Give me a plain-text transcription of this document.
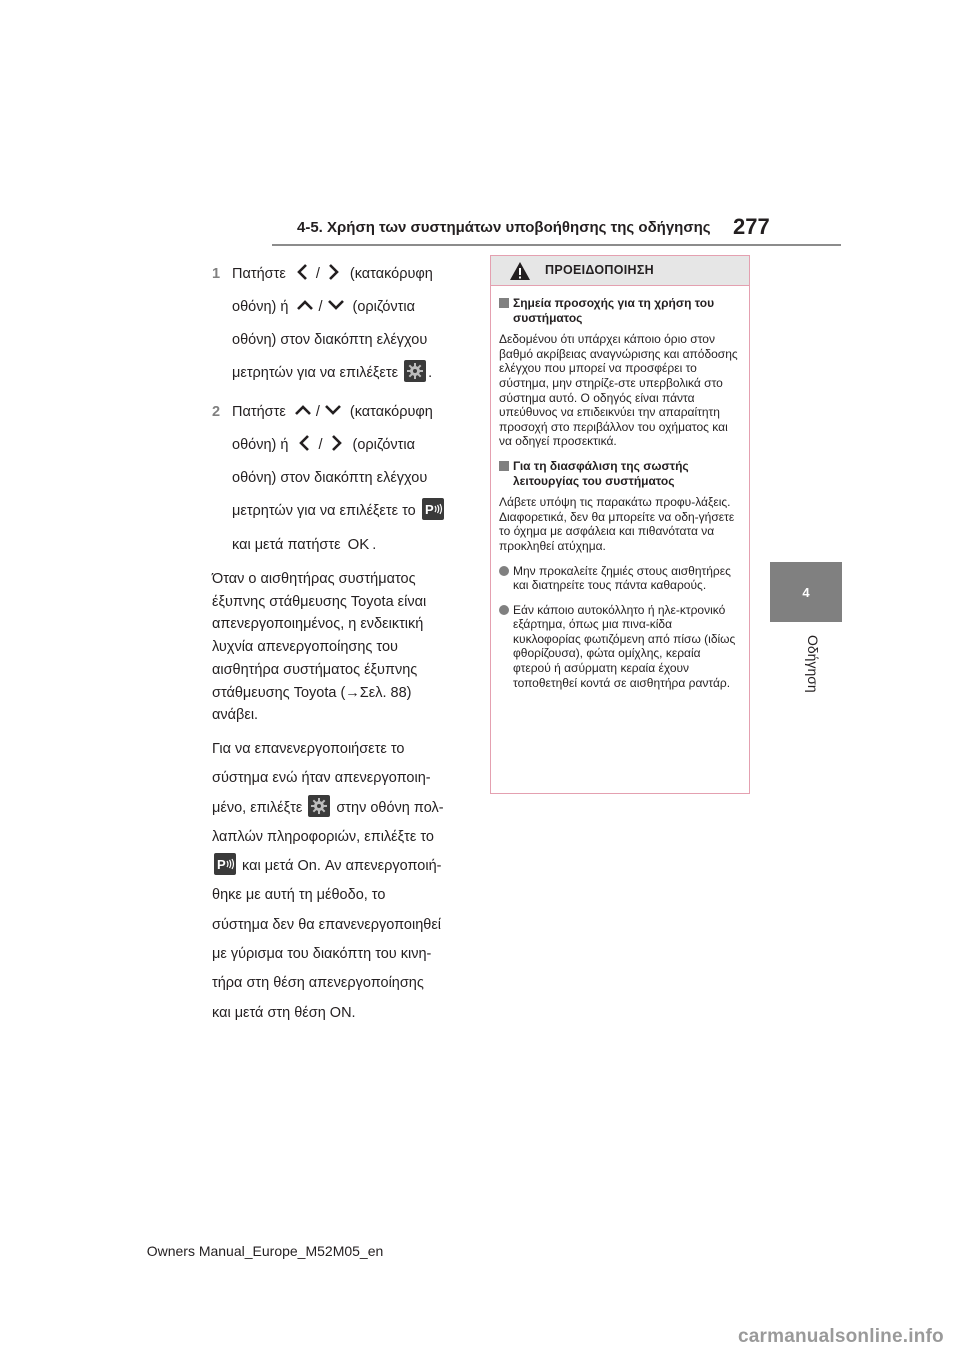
4-5. Χρήση των συστημάτων υποβοήθησης της οδήγησης 277
4
Οδήγηση
1 Πατήστε / (κατακόρυφη
οθόνη) ή / (οριζόντια
οθόνη) στον διακόπτη ελέγχου
μετρητών για να επιλέξετε .
2 Πατήστε / (κατακόρυφη
οθόνη) ή / (οριζόντια
οθόνη) στον διακόπτη ελέγχου
μετρητών για να επιλέξετε το P
και μετά πατήστε OK .
Όταν ο αισθητήρας συστήματος
έξυπνης στάθμευσης Toyota είναι
απενεργοποιημένος, η ενδεικτική
λυχνία απενεργοποίησης του
αισθητήρα συστήματος έξυπνης
στάθμευσης Toyota (→Σελ. 88)
ανάβει.
Για να επανενεργοποιήσετε το
σύστημα ενώ ήταν απενεργοποιη-
μένο, επιλέξτε στην οθόνη πολ-
λαπλών πληροφοριών, επιλέξτε το
P και μετά On. Αν απενεργοποιή-
θηκε με αυτή τη μέθοδο, το
σύστημα δεν θα επανενεργοποιηθεί
με γύρισμα του διακόπτη του κινη-
τήρα στη θέση απενεργοποίησης
και μετά στη θέση ON.
ΠΡΟΕΙΔΟΠΟΙΗΣΗ
Σημεία προσοχής για τη χρήση του συστήματος
Δεδομένου ότι υπάρχει κάποιο όριο στον βαθμό ακρίβειας αναγνώρισης και απόδοσης ελέγχου που μπορεί να προσφέρει το σύστημα, μην στηρίζε-στε υπερβολικά στο σύστημα αυτό. Ο οδηγός είναι πάντα υπεύθυνος να επιδεικνύει την απαραίτητη προσοχή στο περιβάλλον του οχήματος και να οδηγεί προσεκτικά.
Για τη διασφάλιση της σωστής λειτουργίας του συστήματος
Λάβετε υπόψη τις παρακάτω προφυ-λάξεις.
Διαφορετικά, δεν θα μπορείτε να οδη-γήσετε το όχημα με ασφάλεια και πιθανότατα να προκληθεί ατύχημα.
Μην προκαλείτε ζημιές στους αισθητήρες και διατηρείτε τους πάντα καθαρούς.
Εάν κάποιο αυτοκόλλητο ή ηλε-κτρονικό εξάρτημα, όπως μια πινα-κίδα κυκλοφορίας φωτιζόμενη από πίσω (ιδίως φθορίζουσα), φώτα ομίχλης, κεραία φτερού ή ασύρματη κεραία έχουν τοποθετηθεί κοντά σε αισθητήρα ραντάρ.
Owners Manual_Europe_M52M05_en
carmanualsonline.info
